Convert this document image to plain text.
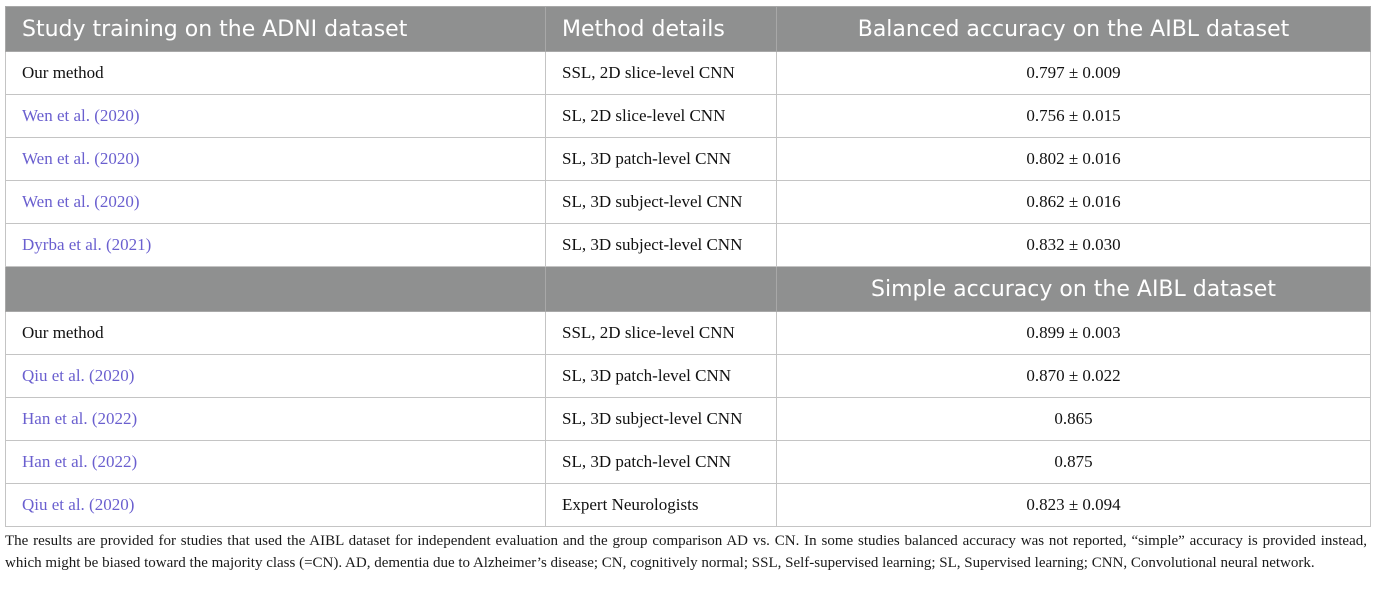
Study training on the ADNI dataset	Method details	Balanced accuracy on the AIBL dataset
Our method	SSL, 2D slice-level CNN	0.797 ± 0.009
Wen et al. (2020)	SL, 2D slice-level CNN	0.756 ± 0.015
Wen et al. (2020)	SL, 3D patch-level CNN	0.802 ± 0.016
Wen et al. (2020)	SL, 3D subject-level CNN	0.862 ± 0.016
Dyrba et al. (2021)	SL, 3D subject-level CNN	0.832 ± 0.030
		Simple accuracy on the AIBL dataset
Our method	SSL, 2D slice-level CNN	0.899 ± 0.003
Qiu et al. (2020)	SL, 3D patch-level CNN	0.870 ± 0.022
Han et al. (2022)	SL, 3D subject-level CNN	0.865
Han et al. (2022)	SL, 3D patch-level CNN	0.875
Qiu et al. (2020)	Expert Neurologists	0.823 ± 0.094

The results are provided for studies that used the AIBL dataset for independent evaluation and the group comparison AD vs. CN. In some studies balanced accuracy was not reported, “simple” accuracy is provided instead, which might be biased toward the majority class (=CN). AD, dementia due to Alzheimer’s disease; CN, cognitively normal; SSL, Self-supervised learning; SL, Supervised learning; CNN, Convolutional neural network.
